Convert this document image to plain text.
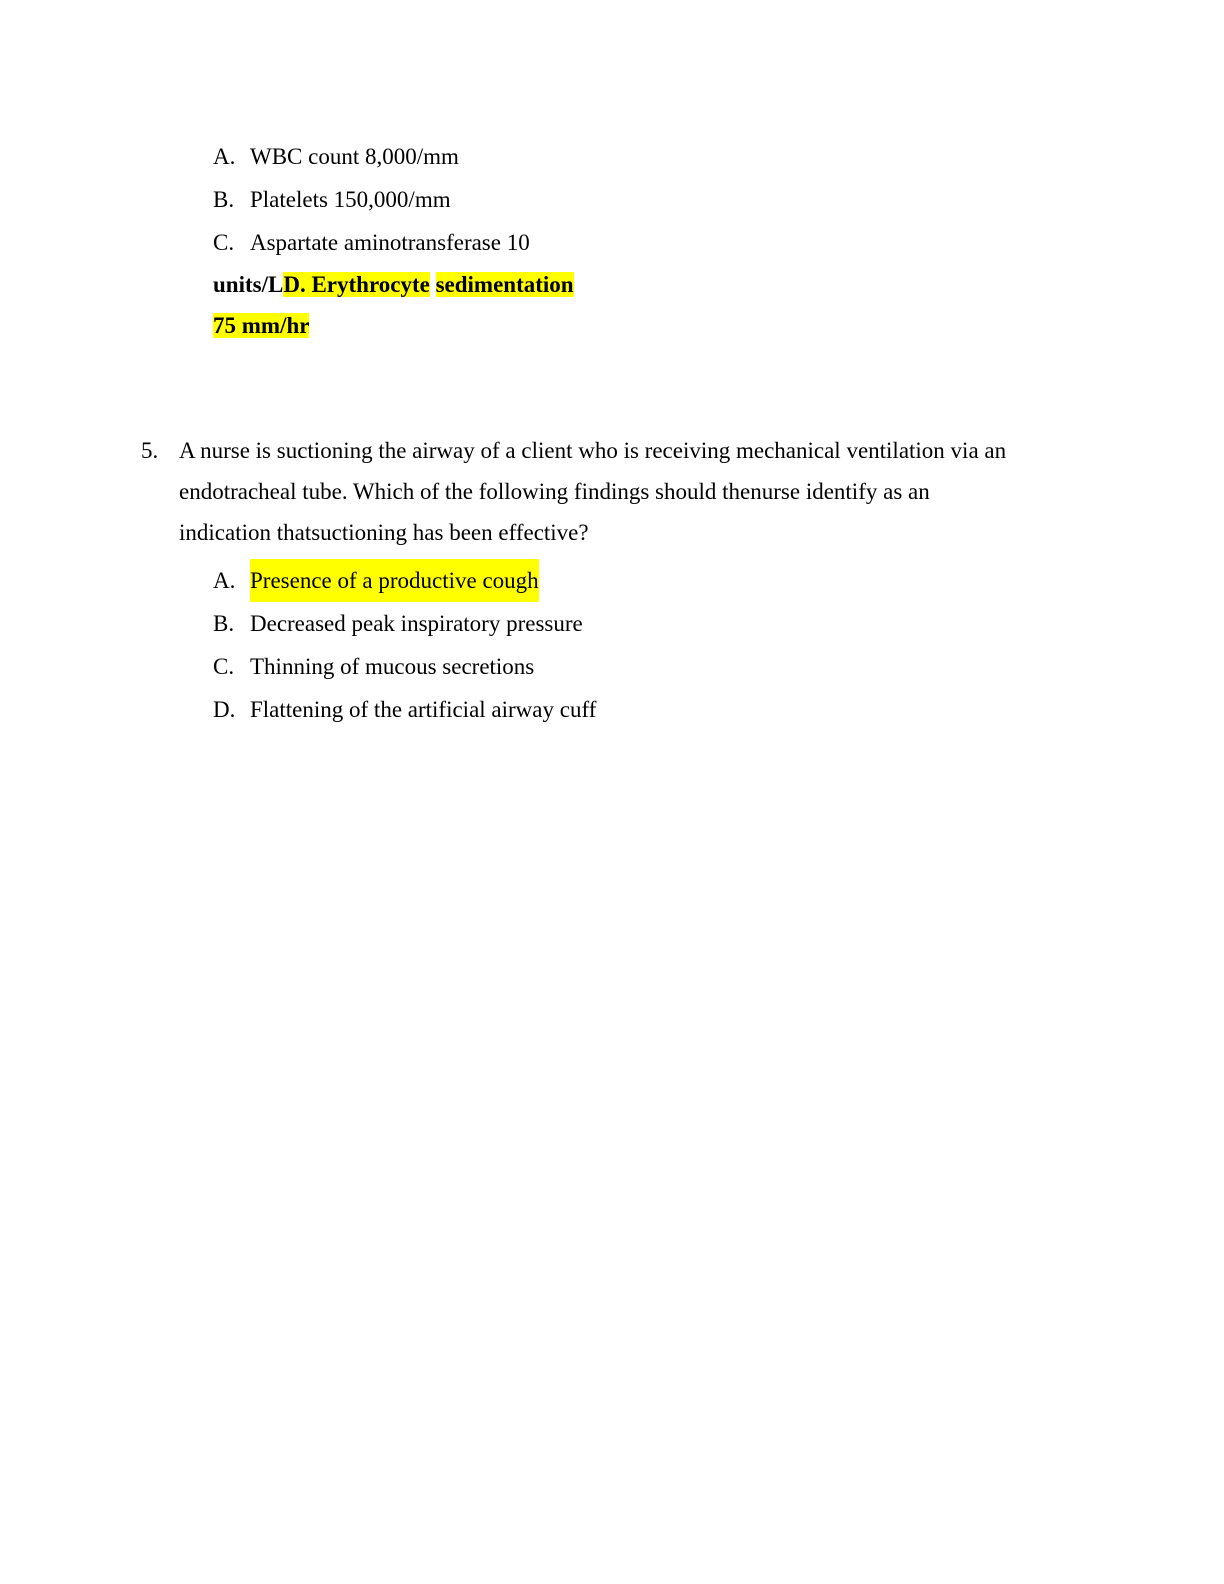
A. WBC count 8,000/mm
B. Platelets 150,000/mm
C. Aspartate aminotransferase 10
units/LD. Erythrocyte sedimentation
75 mm/hr
5. A nurse is suctioning the airway of a client who is receiving mechanical ventilation via an endotracheal tube. Which of the following findings should thenurse identify as an indication thatsuctioning has been effective?
A. Presence of a productive cough
B. Decreased peak inspiratory pressure
C. Thinning of mucous secretions
D. Flattening of the artificial airway cuff
